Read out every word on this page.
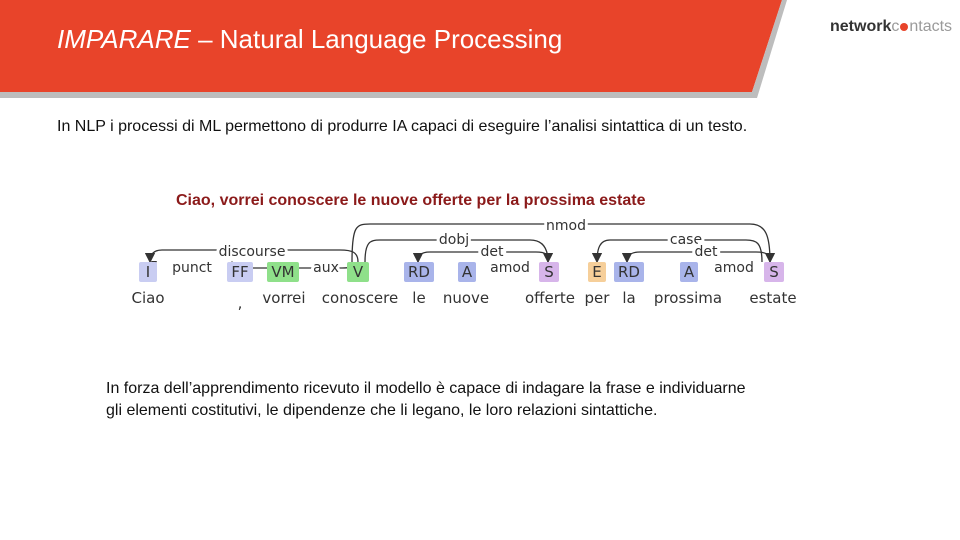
IMPARARE – Natural Language Processing	networkc ntacts
In NLP i processi di ML permettono di produrre IA capaci di eseguire l’analisi sintattica di un testo.
Ciao, vorrei conoscere le nuove offerte per la prossima estate
discourse
punct	aux
dobj
det
amod
nmod
case
det
amod
I	FF VM	V	RD A	S	E RD	A	S
Ciao	, vorrei conoscere le nuove offerte per la prossima estate
In forza dell’apprendimento ricevuto il modello è capace di indagare la frase e individuarne
gli elementi costitutivi, le dipendenze che li legano, le loro relazioni sintattiche.
